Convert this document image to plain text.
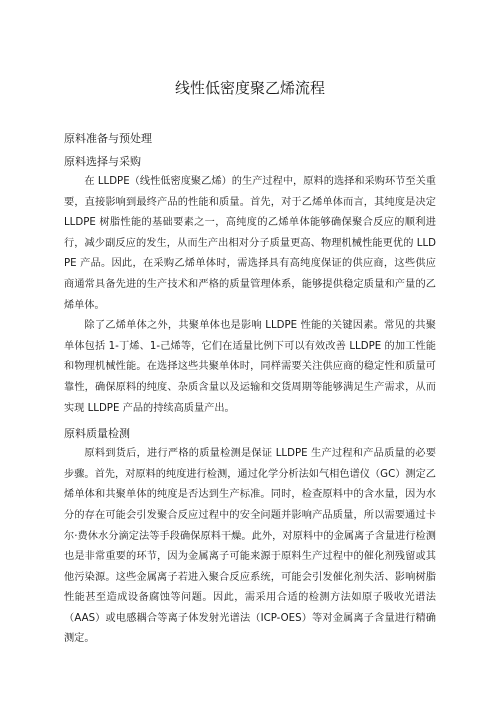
线性低密度聚乙烯流程
原料准备与预处理
原料选择与采购

在 LLDPE（线性低密度聚乙烯）的生产过程中，原料的选择和采购环节至关重要，直接影响到最终产品的性能和质量。首先，对于乙烯单体而言，其纯度是决定 LLDPE 树脂性能的基础要素之一，高纯度的乙烯单体能够确保聚合反应的顺利进行，减少副反应的发生，从而生产出相对分子质量更高、物理机械性能更优的 LLDPE 产品。因此，在采购乙烯单体时，需选择具有高纯度保证的供应商，这些供应商通常具备先进的生产技术和严格的质量管理体系，能够提供稳定质量和产量的乙烯单体。

除了乙烯单体之外，共聚单体也是影响 LLDPE 性能的关键因素。常见的共聚单体包括 1-丁烯、1-己烯等，它们在适量比例下可以有效改善 LLDPE 的加工性能和物理机械性能。在选择这些共聚单体时，同样需要关注供应商的稳定性和质量可靠性，确保原料的纯度、杂质含量以及运输和交货周期等能够满足生产需求，从而实现 LLDPE 产品的持续高质量产出。

原料质量检测

原料到货后，进行严格的质量检测是保证 LLDPE 生产过程和产品质量的必要步骤。首先，对原料的纯度进行检测，通过化学分析法如气相色谱仪（GC）测定乙烯单体和共聚单体的纯度是否达到生产标准。同时，检查原料中的含水量，因为水分的存在可能会引发聚合反应过程中的安全问题并影响产品质量，所以需要通过卡尔·费休水分滴定法等手段确保原料干燥。此外，对原料中的金属离子含量进行检测也是非常重要的环节，因为金属离子可能来源于原料生产过程中的催化剂残留或其他污染源。这些金属离子若进入聚合反应系统，可能会引发催化剂失活、影响树脂性能甚至造成设备腐蚀等问题。因此，需采用合适的检测方法如原子吸收光谱法（AAS）或电感耦合等离子体发射光谱法（ICP-OES）等对金属离子含量进行精确测定。
